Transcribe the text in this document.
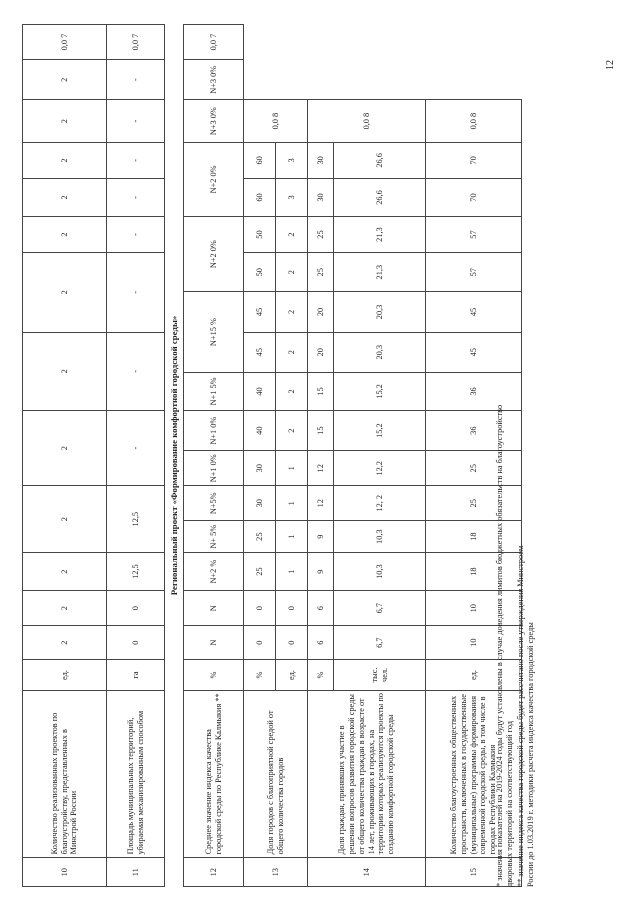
10	Количество реализованных проектов по благоустройству, представленных в Минстрой России	ед.	2	2	2	2		2		2		2		2	2	2	2	2	0,0 7
11	Площадь муниципальных территорий, убираемая механизированным способом	га	0	0	12,5	12,5		-		-		-		-	-	-	-	-	0,0 7
Региональный проект «Формирование комфортной городской среды»																			
12	Среднее значение индекса качества городской среды по Республике Калмыкия **	%	N	N	N+2 %	N+ 5%	N+5%	N+1 0%	N+1 0%	N+1 5%	N+15 %		N+2 0%		N+2 0%		N+3 0%	N+3 0%	0,0 7
13	Доля городов с благоприятной средой от общего количества городов	%	0	0	25	25	30	30	40	40	45	45	50	50	60	60	0,0 8		
		ед.	0	0	1	1	1	1	2	2	2	2	2	2	3	3			
14	Доля граждан, принявших участие в решении вопросов развития городской среды от общего количества граждан в возрасте от 14 лет, проживающих в городах, на территории которых реализуются проекты по созданию комфортной городской среды	%	6	6	9	9	12	12	15	15	20	20	25	25	30	30	0,0 8		
		тыс. чел.	6,7	6,7	10,3	10,3	12, 2	12,2	15,2	15,2	20,3	20,3	21,3	21,3	26,6	26,6			
15	Количество благоустроенных общественных пространств, включенных в государственные (муниципальные) программы формирования современной городской среды, в том числе в городах Республики Калмыкия	ед.	10	10	18	18	25	25	36	36	45	45	57	57	70	70	0,0 8		
* значения показателей на 2019-2024 годы будут установлены в случае доведения лимитов бюджетных обязательств на благоустройство дворовых территорий на соответствующий год ** значение индекса качества городской среды будет рассчитано после утверждения Минстроем России до 1.03.2019 г. методики расчета индекса качества городской среды
12
